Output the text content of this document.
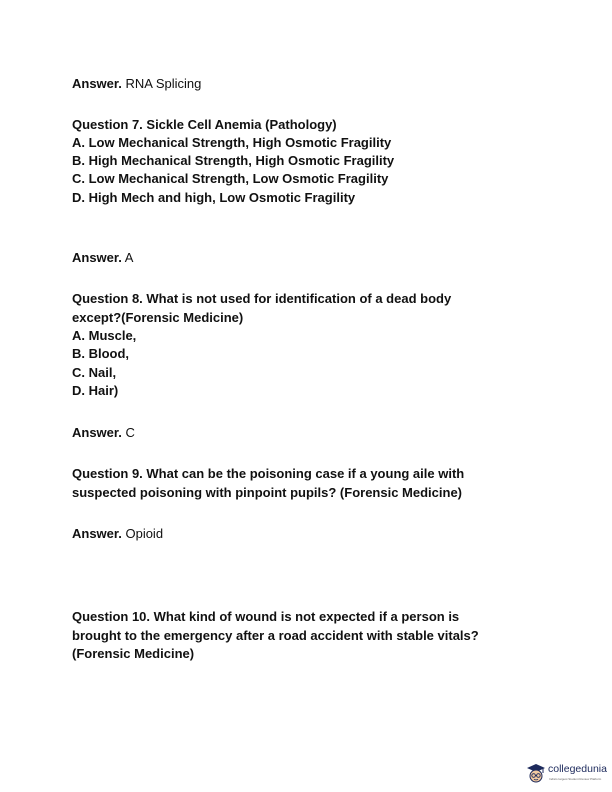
Answer. RNA Splicing
Question 7. Sickle Cell Anemia (Pathology)
A. Low Mechanical Strength, High Osmotic Fragility
B. High Mechanical Strength, High Osmotic Fragility
C. Low Mechanical Strength, Low Osmotic Fragility
D. High Mech and high, Low Osmotic Fragility
Answer. A
Question 8. What is not used for identification of a dead body
except?(Forensic Medicine)
A. Muscle,
B. Blood,
C. Nail,
D. Hair)
Answer. C
Question 9. What can be the poisoning case if a young aile with
suspected poisoning with pinpoint pupils? (Forensic Medicine)
Answer. Opioid
Question 10. What kind of wound is not expected if a person is
brought to the emergency after a road accident with stable vitals?
(Forensic Medicine)
collegedunia
India's largest Student Review Platform
